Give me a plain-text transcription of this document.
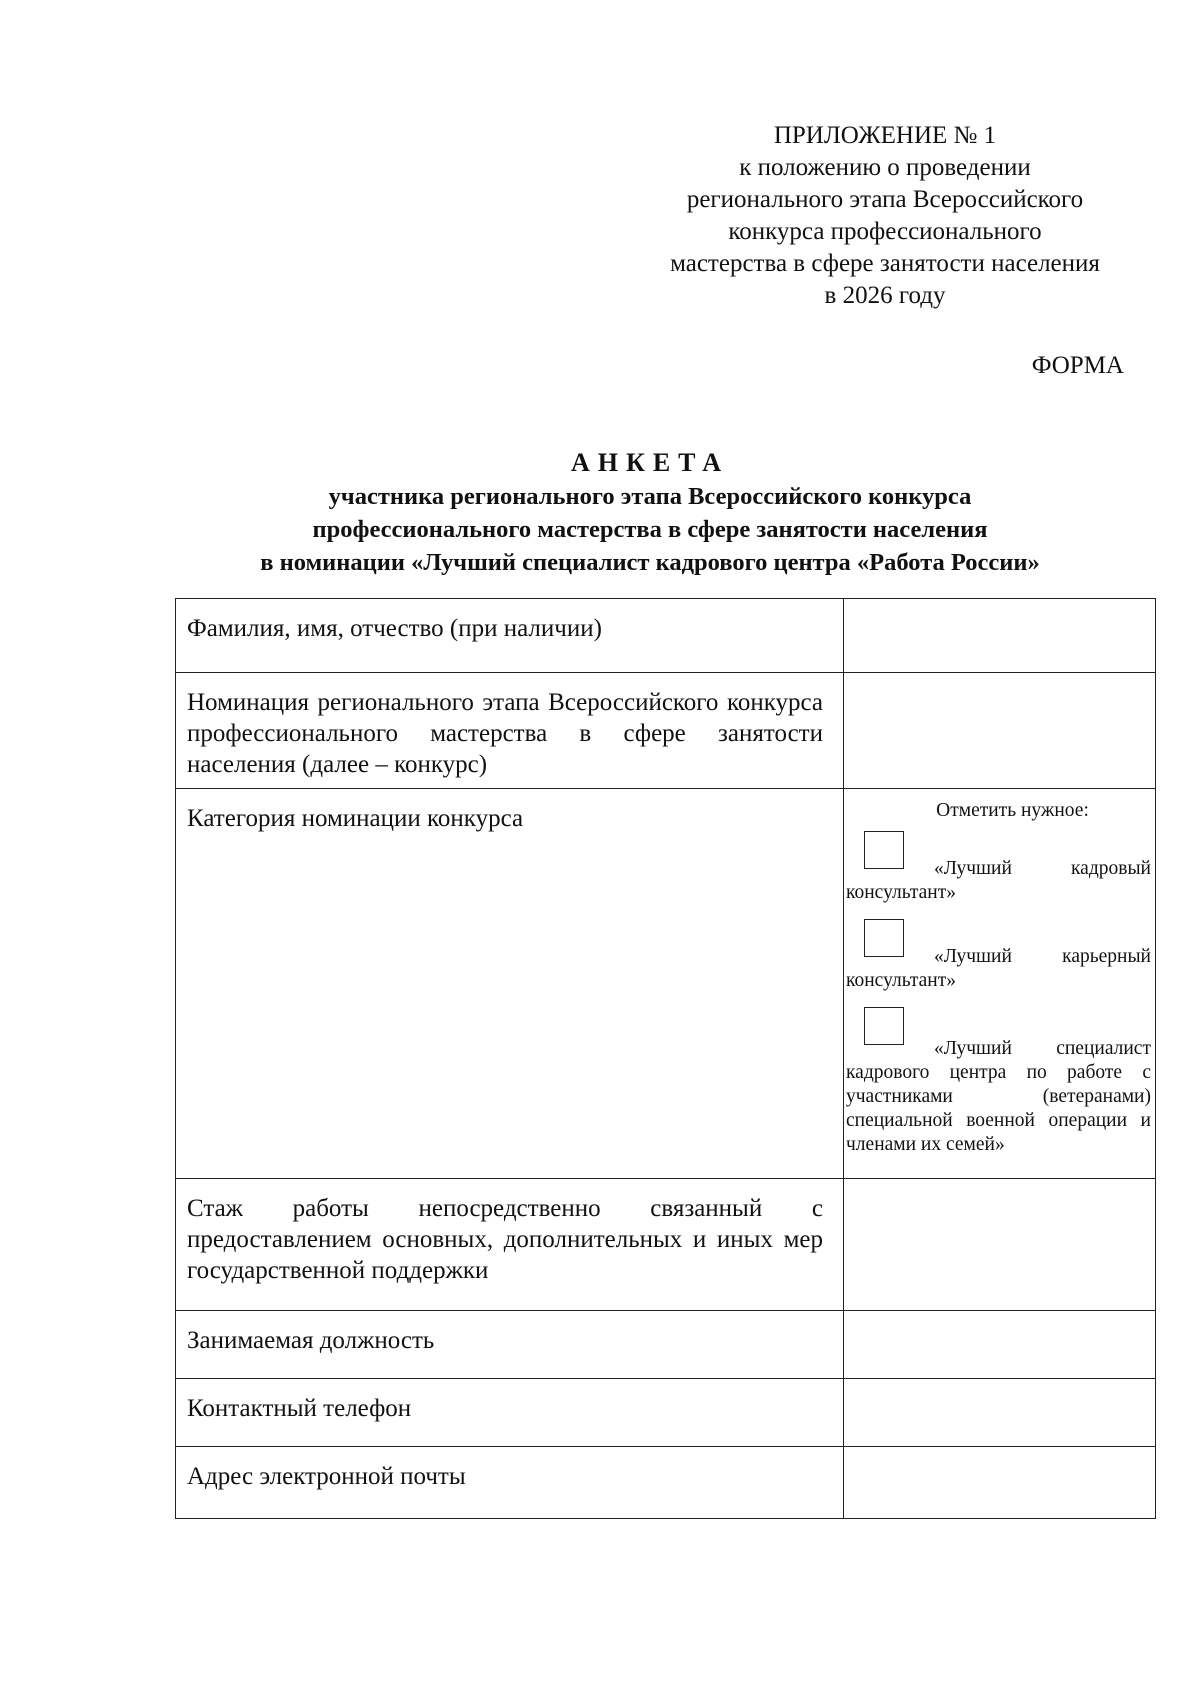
ПРИЛОЖЕНИЕ № 1
к положению о проведении
регионального этапа Всероссийского
конкурса профессионального
мастерства в сфере занятости населения
в 2026 году
ФОРМА
АНКЕТА
участника регионального этапа Всероссийского конкурса
профессионального мастерства в сфере занятости населения
в номинации «Лучший специалист кадрового центра «Работа России»
Фамилия, имя, отчество (при наличии)	
Номинация регионального этапа Всероссийского конкурса профессионального мастерства в сфере занятости населения (далее – конкурс)	
Категория номинации конкурса	Отметить нужное:
«Лучший кадровый консультант»
«Лучший карьерный консультант»
«Лучший специалист кадрового центра по работе с участниками (ветеранами) специальной военной операции и членами их семей»

Стаж работы непосредственно связанный с предоставлением основных, дополнительных и иных мер государственной поддержки	
Занимаемая должность	
Контактный телефон	
Адрес электронной почты	
